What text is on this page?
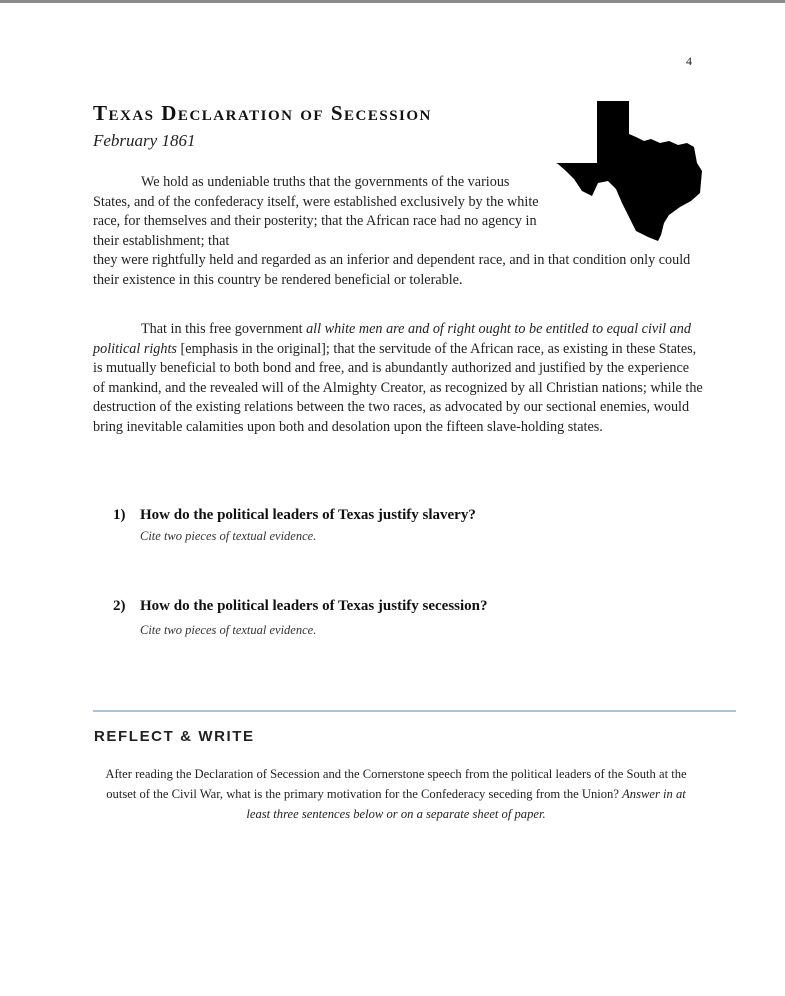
4
Texas Declaration of Secession
February 1861

We hold as undeniable truths that the governments of the various States, and of the confederacy itself, were established exclusively by the white race, for themselves and their posterity; that the African race had no agency in their establishment; that
they were rightfully held and regarded as an inferior and dependent race, and in that condition only could their existence in this country be rendered beneficial or tolerable.

That in this free government all white men are and of right ought to be entitled to equal civil and political rights [emphasis in the original]; that the servitude of the African race, as existing in these States, is mutually beneficial to both bond and free, and is abundantly authorized and justified by the experience of mankind, and the revealed will of the Almighty Creator, as recognized by all Christian nations; while the destruction of the existing relations between the two races, as advocated by our sectional enemies, would bring inevitable calamities upon both and desolation upon the fifteen slave-holding states.

1) How do the political leaders of Texas justify slavery?
Cite two pieces of textual evidence.
2) How do the political leaders of Texas justify secession?
Cite two pieces of textual evidence.
REFLECT & WRITE

After reading the Declaration of Secession and the Cornerstone speech from the political leaders of the South at the outset of the Civil War, what is the primary motivation for the Confederacy seceding from the Union? Answer in at least three sentences below or on a separate sheet of paper.
